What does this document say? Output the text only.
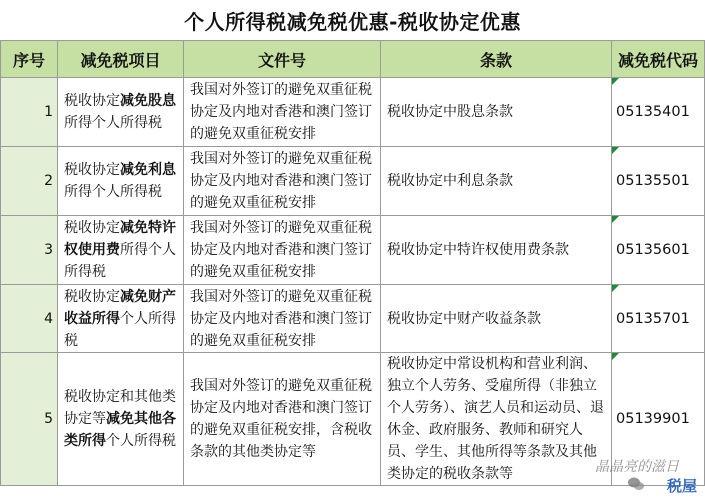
个人所得税减免税优惠-税收协定优惠
序号	减免税项目	文件号	条款	减免税代码
1	税收协定减免股息所得个人所得税	我国对外签订的避免双重征税协定及内地对香港和澳门签订的避免双重征税安排	税收协定中股息条款	05135401
2	税收协定减免利息所得个人所得税	我国对外签订的避免双重征税协定及内地对香港和澳门签订的避免双重征税安排	税收协定中利息条款	05135501
3	税收协定减免特许权使用费所得个人所得税	我国对外签订的避免双重征税协定及内地对香港和澳门签订的避免双重征税安排	税收协定中特许权使用费条款	05135601
4	税收协定减免财产收益所得个人所得税	我国对外签订的避免双重征税协定及内地对香港和澳门签订的避免双重征税安排	税收协定中财产收益条款	05135701
5	税收协定和其他类协定等减免其他各类所得个人所得税	我国对外签订的避免双重征税协定及内地对香港和澳门签订的避免双重征税安排，含税收条款的其他类协定等	税收协定中常设机构和营业利润、独立个人劳务、受雇所得（非独立个人劳务）、演艺人员和运动员、退休金、政府服务、教师和研究人员、学生、其他所得等条款及其他类协定的税收条款等	05139901
晶晶亮的滋日
税屋
